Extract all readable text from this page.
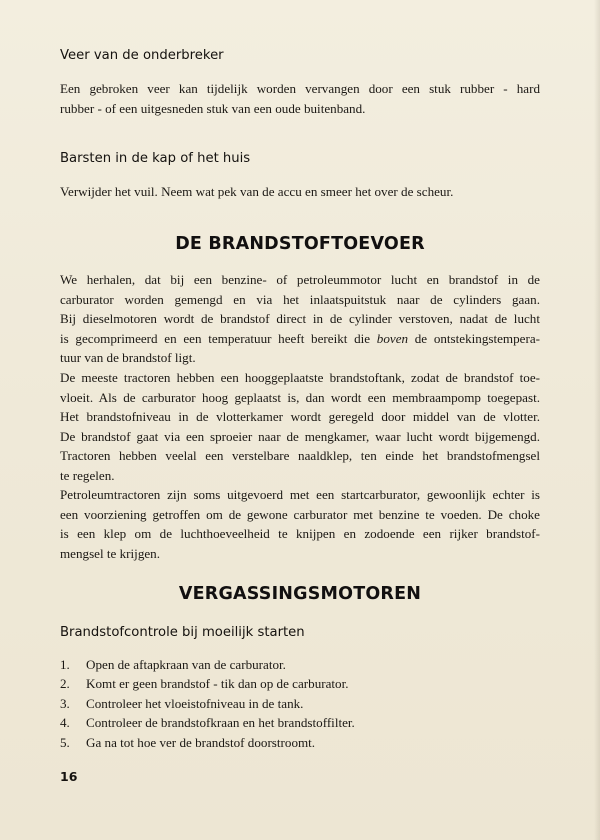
Veer van de onderbreker

Een gebroken veer kan tijdelijk worden vervangen door een stuk rubber - hard
rubber - of een uitgesneden stuk van een oude buitenband.

Barsten in de kap of het huis

Verwijder het vuil. Neem wat pek van de accu en smeer het over de scheur.

DE BRANDSTOFTOEVOER

We herhalen, dat bij een benzine- of petroleummotor lucht en brandstof in de
carburator worden gemengd en via het inlaatspuitstuk naar de cylinders gaan.
Bij dieselmotoren wordt de brandstof direct in de cylinder verstoven, nadat de lucht
is gecomprimeerd en een temperatuur heeft bereikt die boven de ontstekingstempera-
tuur van de brandstof ligt.

De meeste tractoren hebben een hooggeplaatste brandstoftank, zodat de brandstof toe-
vloeit. Als de carburator hoog geplaatst is, dan wordt een membraampomp toegepast.
Het brandstofniveau in de vlotterkamer wordt geregeld door middel van de vlotter.
De brandstof gaat via een sproeier naar de mengkamer, waar lucht wordt bijgemengd.
Tractoren hebben veelal een verstelbare naaldklep, ten einde het brandstofmengsel
te regelen.

Petroleumtractoren zijn soms uitgevoerd met een startcarburator, gewoonlijk echter is
een voorziening getroffen om de gewone carburator met benzine te voeden. De choke
is een klep om de luchthoeveelheid te knijpen en zodoende een rijker brandstof-
mengsel te krijgen.

VERGASSINGSMOTOREN
Brandstofcontrole bij moeilijk starten
1.	Open de aftapkraan van de carburator.
2.	Komt er geen brandstof - tik dan op de carburator.
3.	Controleer het vloeistofniveau in de tank.
4.	Controleer de brandstofkraan en het brandstoffilter.
5.	Ga na tot hoe ver de brandstof doorstroomt.
16
